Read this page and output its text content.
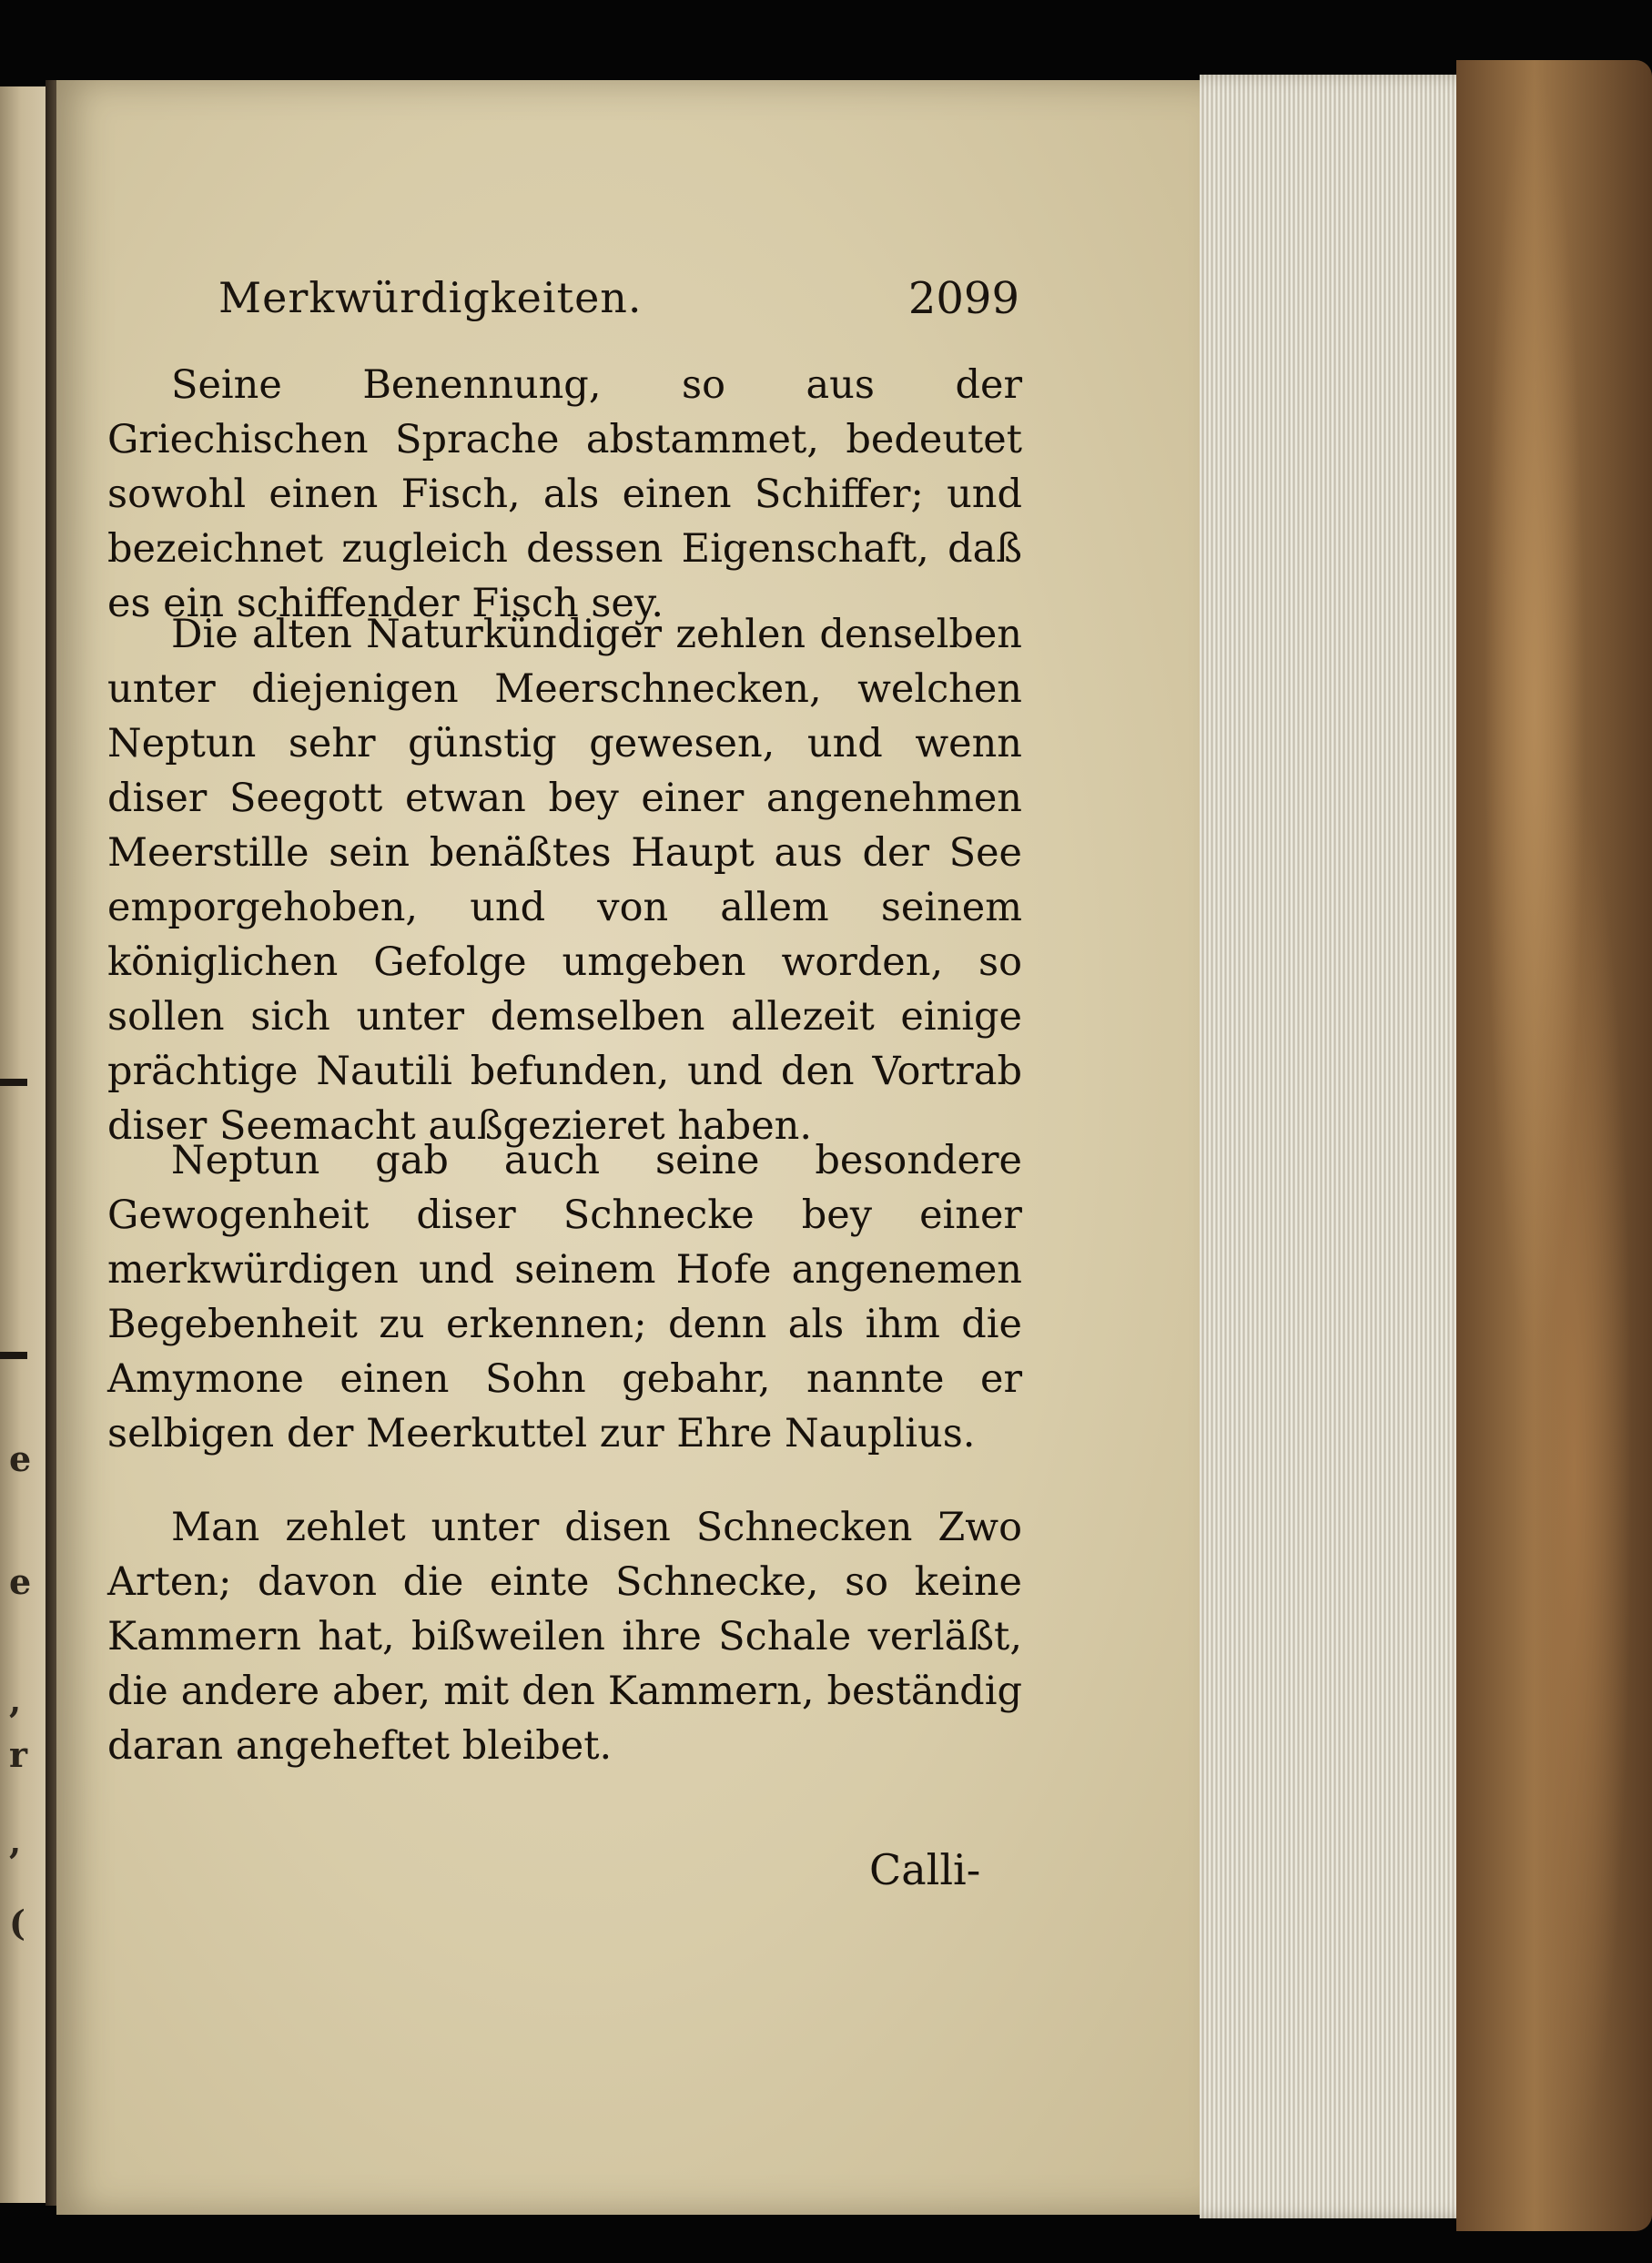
e
e
,
r
,
(
Merkwürdigkeiten.	2099

Seine Benennung, so aus der Griechischen Sprache abstammet, bedeutet sowohl einen Fisch, als einen Schiffer; und bezeichnet zugleich dessen Eigenschaft, daß es ein schiffender Fisch sey.

Die alten Naturkündiger zehlen denselben unter diejenigen Meerschnecken, welchen Neptun sehr günstig gewesen, und wenn diser Seegott etwan bey einer angenehmen Meerstille sein benäßtes Haupt aus der See emporgehoben, und von allem seinem königlichen Gefolge umgeben worden, so sollen sich unter demselben allezeit einige prächtige Nautili befunden, und den Vortrab diser Seemacht außgezieret haben.

Neptun gab auch seine besondere Gewogenheit diser Schnecke bey einer merkwürdigen und seinem Hofe angenemen Begebenheit zu erkennen; denn als ihm die Amymone einen Sohn gebahr, nannte er selbigen der Meerkuttel zur Ehre Nauplius.

Man zehlet unter disen Schnecken Zwo Arten; davon die einte Schnecke, so keine Kammern hat, bißweilen ihre Schale verläßt, die andere aber, mit den Kammern, beständig daran angeheftet bleibet.

Calli-
